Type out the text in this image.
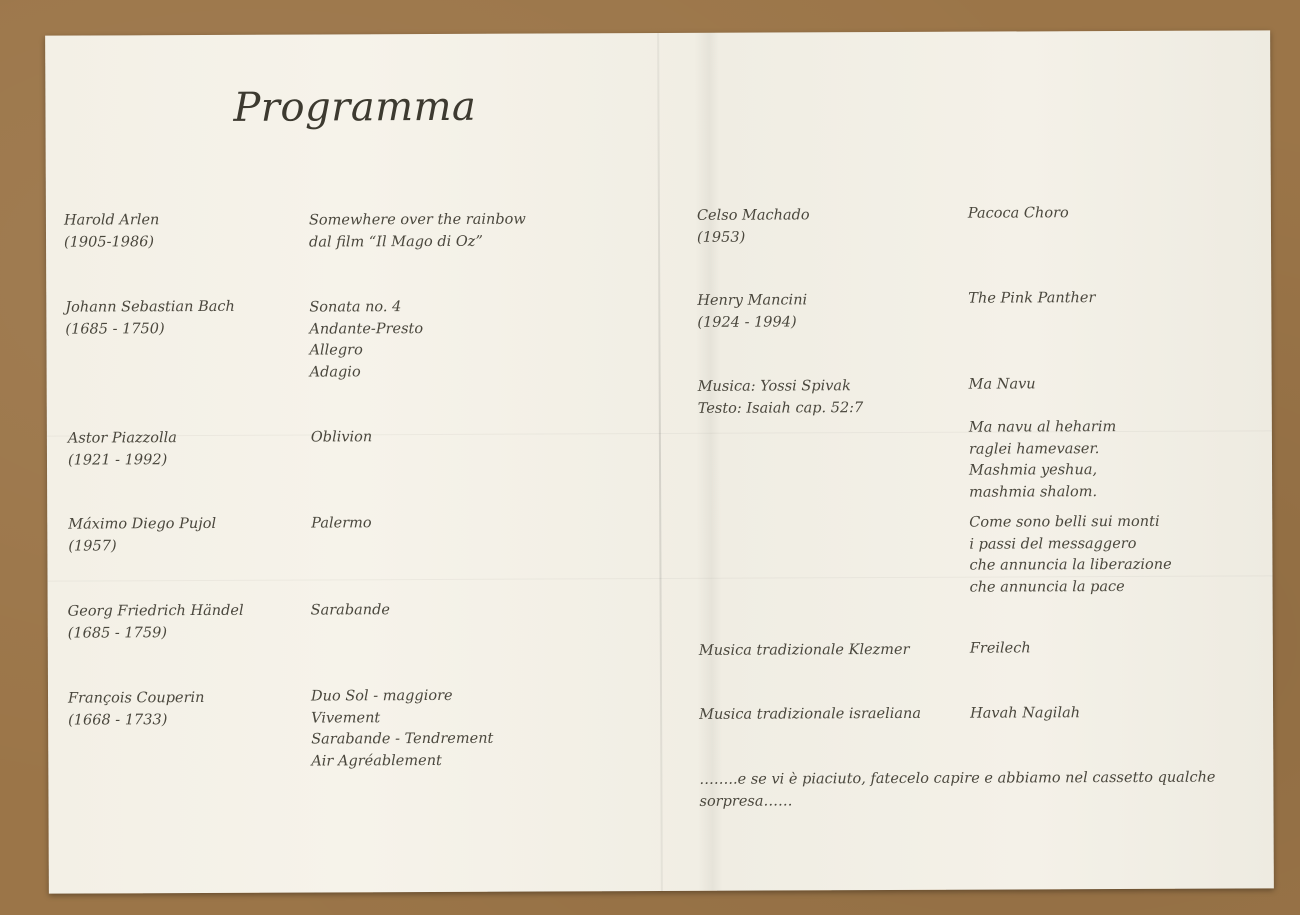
Programma

Harold Arlen
(1905-1986)

Somewhere over the rainbow
dal film “Il Mago di Oz”

Johann Sebastian Bach
(1685 - 1750)

Sonata no. 4
Andante-Presto
Allegro
Adagio

Astor Piazzolla
(1921 - 1992)

Oblivion

Máximo Diego Pujol
(1957)

Palermo

Georg Friedrich Händel
(1685 - 1759)

Sarabande

François Couperin
(1668 - 1733)

Duo Sol - maggiore
Vivement
Sarabande - Tendrement
Air Agréablement

Celso Machado
(1953)

Pacoca Choro

Henry Mancini
(1924 - 1994)

The Pink Panther

Musica: Yossi Spivak
Testo: Isaiah cap. 52:7

Ma Navu

Ma navu al heharim
raglei hamevaser.
Mashmia yeshua,
mashmia shalom.

Come sono belli sui monti
i passi del messaggero
che annuncia la liberazione
che annuncia la pace

Musica tradizionale Klezmer	Freilech

Musica tradizionale israeliana	Havah Nagilah

……..e se vi è piaciuto, fatecelo capire e abbiamo nel cassetto qualche sorpresa……
